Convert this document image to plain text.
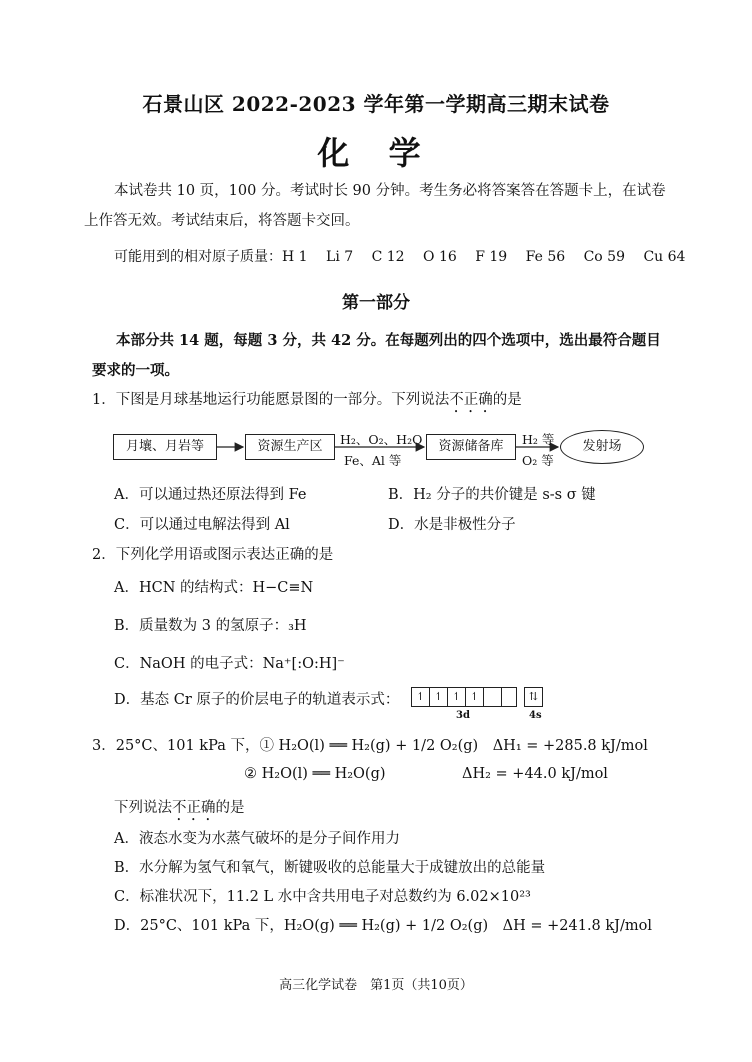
石景山区 2022-2023 学年第一学期高三期末试卷
化 学
本试卷共 10 页，100 分。考试时长 90 分钟。考生务必将答案答在答题卡上，在试卷上作答无效。考试结束后，将答题卡交回。
可能用到的相对原子质量：H 1　 Li 7　 C 12　 O 16　 F 19　 Fe 56　 Co 59　 Cu 64
第一部分
本部分共 14 题，每题 3 分，共 42 分。在每题列出的四个选项中，选出最符合题目要求的一项。
1．下图是月球基地运行功能愿景图的一部分。下列说法不正确的是
月壤、月岩等	资源生产区	资源储备库	发射场
H₂、O₂、H₂O
Fe、Al 等
H₂ 等
O₂ 等
A．可以通过热还原法得到 Fe	B．H₂ 分子的共价键是 s-s σ 键
C．可以通过电解法得到 Al	D．水是非极性分子
2．下列化学用语或图示表达正确的是
A．HCN 的结构式：H−C≡N
B．质量数为 3 的氢原子：₃H
C．NaOH 的电子式：Na⁺[:O:H]⁻
D．基态 Cr 原子的价层电子的轨道表示式：	↿ ↿ ↿ ↿	⇅
3d	4s
3．25°C、101 kPa 下，① H₂O(l) ══ H₂(g) + 1/2 O₂(g)　ΔH₁ = +285.8 kJ/mol
② H₂O(l) ══ H₂O(g)	ΔH₂ = +44.0 kJ/mol
下列说法不正确的是
A．液态水变为水蒸气破坏的是分子间作用力
B．水分解为氢气和氧气，断键吸收的总能量大于成键放出的总能量
C．标准状况下，11.2 L 水中含共用电子对总数约为 6.02×10²³
D．25°C、101 kPa 下，H₂O(g) ══ H₂(g) + 1/2 O₂(g)　ΔH = +241.8 kJ/mol
高三化学试卷　第1页（共10页）
